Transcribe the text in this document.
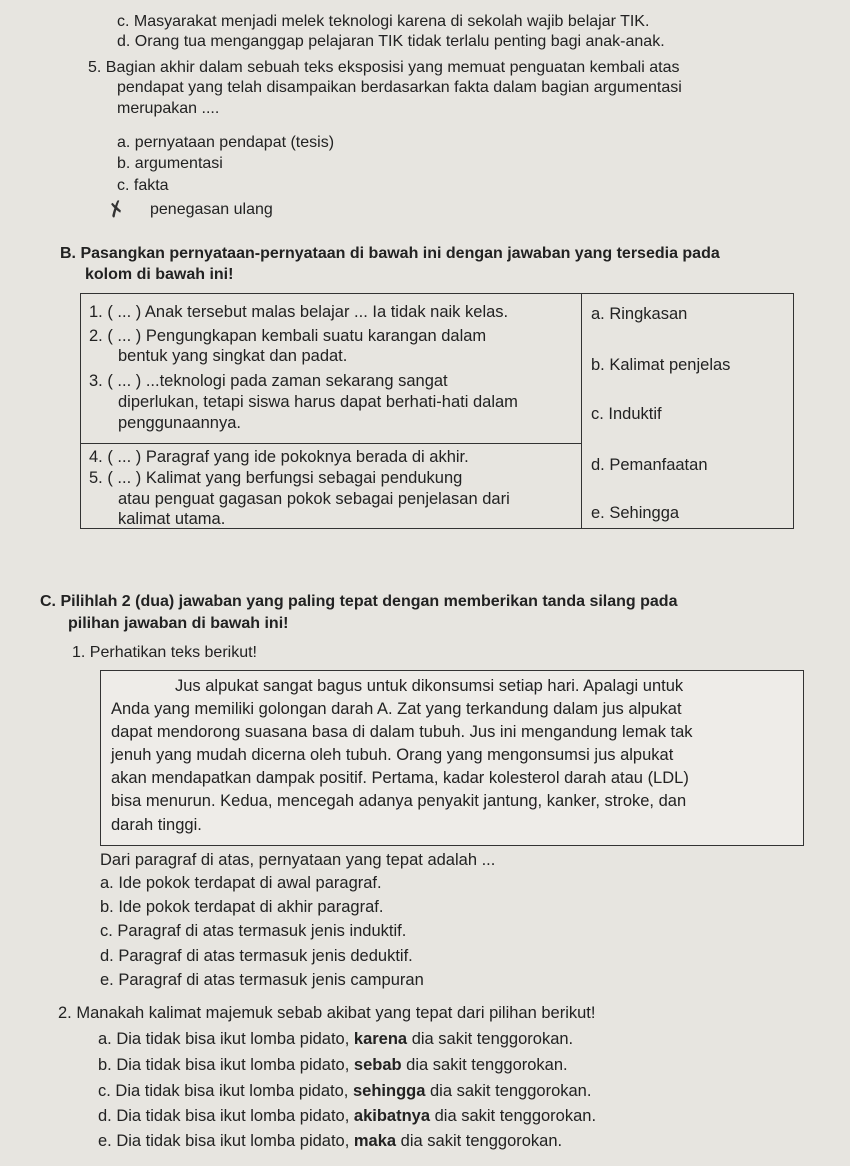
c. Masyarakat menjadi melek teknologi karena di sekolah wajib belajar TIK.
d. Orang tua menganggap pelajaran TIK tidak terlalu penting bagi anak-anak.
5. Bagian akhir dalam sebuah teks eksposisi yang memuat penguatan kembali atas
pendapat yang telah disampaikan berdasarkan fakta dalam bagian argumentasi
merupakan ....
a. pernyataan pendapat (tesis)
b. argumentasi
c. fakta
✗ penegasan ulang
B. Pasangkan pernyataan-pernyataan di bawah ini dengan jawaban yang tersedia pada
kolom di bawah ini!
1. ( ... ) Anak tersebut malas belajar ... Ia tidak naik kelas.
2. ( ... ) Pengungkapan kembali suatu karangan dalam
bentuk yang singkat dan padat.
3. ( ... ) ...teknologi pada zaman sekarang sangat
diperlukan, tetapi siswa harus dapat berhati-hati dalam
penggunaannya.
4. ( ... ) Paragraf yang ide pokoknya berada di akhir.
5. ( ... ) Kalimat yang berfungsi sebagai pendukung
atau penguat gagasan pokok sebagai penjelasan dari
kalimat utama.
a. Ringkasan
b. Kalimat penjelas
c. Induktif
d. Pemanfaatan
e. Sehingga
C. Pilihlah 2 (dua) jawaban yang paling tepat dengan memberikan tanda silang pada
pilihan jawaban di bawah ini!
1. Perhatikan teks berikut!
Jus alpukat sangat bagus untuk dikonsumsi setiap hari. Apalagi untuk
Anda yang memiliki golongan darah A. Zat yang terkandung dalam jus alpukat
dapat mendorong suasana basa di dalam tubuh. Jus ini mengandung lemak tak
jenuh yang mudah dicerna oleh tubuh. Orang yang mengonsumsi jus alpukat
akan mendapatkan dampak positif. Pertama, kadar kolesterol darah atau (LDL)
bisa menurun. Kedua, mencegah adanya penyakit jantung, kanker, stroke, dan
darah tinggi.
Dari paragraf di atas, pernyataan yang tepat adalah ...
a. Ide pokok terdapat di awal paragraf.
b. Ide pokok terdapat di akhir paragraf.
c. Paragraf di atas termasuk jenis induktif.
d. Paragraf di atas termasuk jenis deduktif.
e. Paragraf di atas termasuk jenis campuran
2. Manakah kalimat majemuk sebab akibat yang tepat dari pilihan berikut!
a. Dia tidak bisa ikut lomba pidato, karena dia sakit tenggorokan.
b. Dia tidak bisa ikut lomba pidato, sebab dia sakit tenggorokan.
c. Dia tidak bisa ikut lomba pidato, sehingga dia sakit tenggorokan.
d. Dia tidak bisa ikut lomba pidato, akibatnya dia sakit tenggorokan.
e. Dia tidak bisa ikut lomba pidato, maka dia sakit tenggorokan.
